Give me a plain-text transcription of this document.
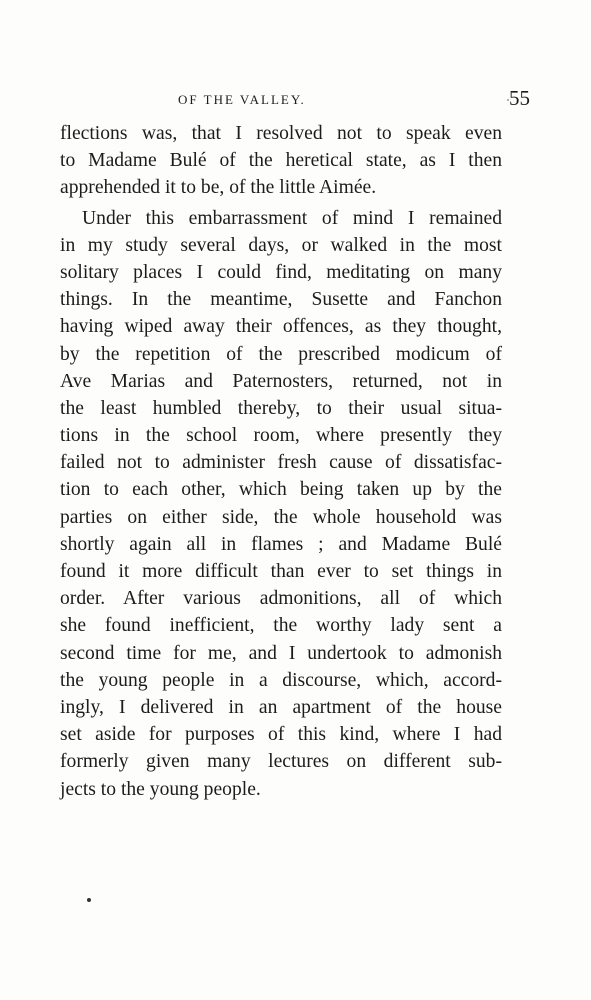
OF THE VALLEY.	55
flections was, that I resolved not to speak even
to Madame Bulé of the heretical state, as I then
apprehended it to be, of the little Aimée.
Under this embarrassment of mind I remained
in my study several days, or walked in the most
solitary places I could find, meditating on many
things. In the meantime, Susette and Fanchon
having wiped away their offences, as they thought,
by the repetition of the prescribed modicum of
Ave Marias and Paternosters, returned, not in
the least humbled thereby, to their usual situa-
tions in the school room, where presently they
failed not to administer fresh cause of dissatisfac-
tion to each other, which being taken up by the
parties on either side, the whole household was
shortly again all in flames ; and Madame Bulé
found it more difficult than ever to set things in
order. After various admonitions, all of which
she found inefficient, the worthy lady sent a
second time for me, and I undertook to admonish
the young people in a discourse, which, accord-
ingly, I delivered in an apartment of the house
set aside for purposes of this kind, where I had
formerly given many lectures on different sub-
jects to the young people.
